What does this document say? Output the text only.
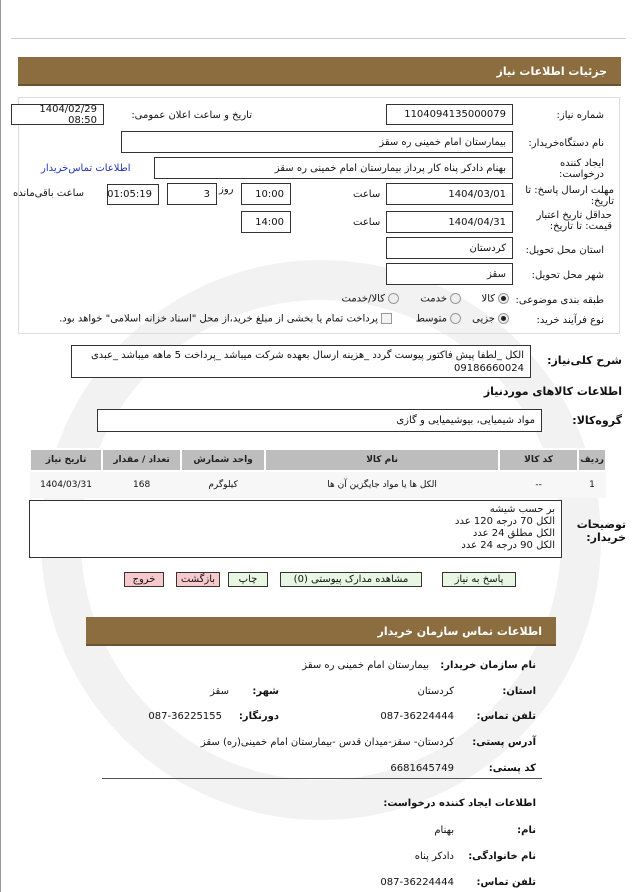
جزئیات اطلاعات نیاز
شماره نیاز:
1104094135000079
تاریخ و ساعت اعلان عمومی:
1404/02/29 08:50
نام دستگاه‌خریدار:
بیمارستان امام خمینی ره سقز
ایجاد کننده درخواست:
بهنام دادکر پناه کار پرداز بیمارستان امام خمینی ره سقز
اطلاعات تماس‌خریدار
مهلت ارسال پاسخ: تا تاریخ:
1404/03/01
ساعت
10:00
روز
3
ساعت باقی‌مانده 01:05:19
حداقل تاریخ اعتبار قیمت: تا تاریخ:
1404/04/31
ساعت
14:00
استان محل تحویل:
کردستان
شهر محل تحویل:
سقز
طبقه بندی موضوعی:
کالا
خدمت
کالا/خدمت
نوع فرآیند خرید:
جزیی
متوسط
پرداخت تمام یا بخشی از مبلغ خرید،از محل "اسناد خزانه اسلامی" خواهد بود.
شرح کلی‌نیاز:
الکل _لطفا پیش فاکتور پیوست گردد _هزینه ارسال بعهده شرکت میباشد _پرداخت 5 ماهه میباشد _عبدی 09186660024
اطلاعات کالاهای موردنیاز
گروه‌کالا:
مواد شیمیایی، بیوشیمیایی و گازی
ردیف	کد کالا	نام کالا	واحد شمارش	تعداد / مقدار	تاریخ نیاز
1	--	الکل ها یا مواد جایگزین آن ها	کیلوگرم	168	1404/03/31
توضیحات خریدار:
بر حسب شیشه
الکل 70 درجه 120 عدد
الکل مطلق 24 عدد
الکل 90 درجه 24 عدد
پاسخ به نیاز
مشاهده مدارک پیوستی (0)
چاپ
بازگشت
خروج
اطلاعات تماس سازمان خریدار
نام سازمان خریدار:
بیمارستان امام خمینی ره سقز
استان:
کردستان
شهر:
سقز
تلفن تماس:
087-36224444
دورنگار:
087-36225155
آدرس پستی:
کردستان- سقز-میدان قدس -بیمارستان امام خمینی(ره) سقز
کد پستی:
6681645749
اطلاعات ایجاد کننده درخواست:
نام:
بهنام
نام خانوادگی:
دادکر پناه
تلفن تماس:
087-36224444
